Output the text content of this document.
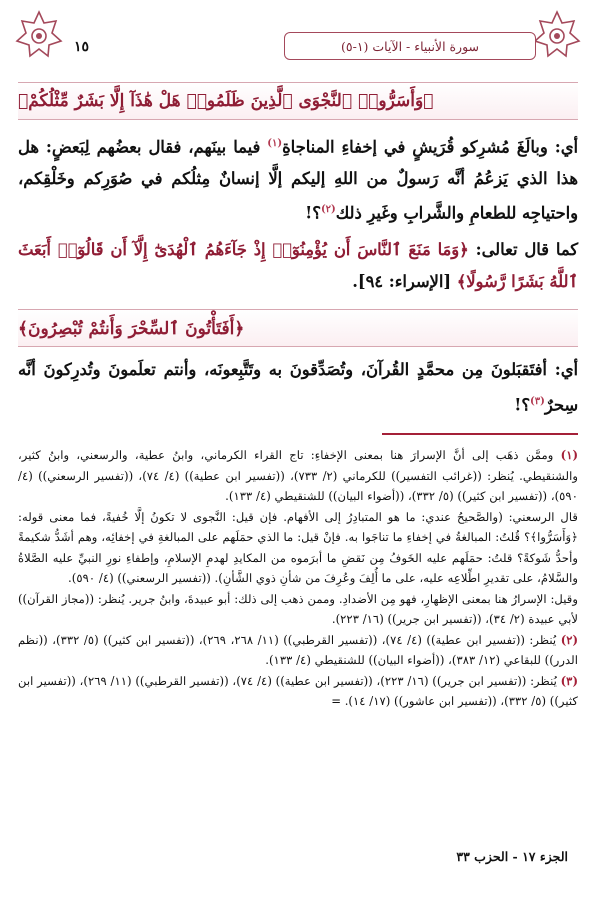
سورة الأنبياء - الآيات (١-٥)
١٥
﴿وَأَسَرُّوا۟ ٱلنَّجْوَى ٱلَّذِينَ ظَلَمُوا۟ هَلْ هَٰذَآ إِلَّا بَشَرٌ مِّثْلُكُمْ﴾
أي: وبالَغَ مُشرِكو قُرَيشٍ في إخفاءِ المناجاةِ$^{(١)}$ فيما بينَهم، فقال بعضُهم لِبَعضٍ: هل هذا الذي يَزعُمُ أنَّه رَسولٌ من اللهِ إليكم إلَّا إنسانٌ مِثلُكم في صُوَرِكم وخَلْقِكم، واحتياجِه للطعامِ والشَّرابِ وغَيرِ ذلك$^{(٢)}$؟!
كما قال تعالى: ﴿وَمَا مَنَعَ ٱلنَّاسَ أَن يُؤْمِنُوٓا۟ إِذْ جَآءَهُمُ ٱلْهُدَىٰٓ إِلَّآ أَن قَالُوٓا۟ أَبَعَثَ ٱللَّهُ بَشَرًا رَّسُولًا﴾ [الإسراء: ٩٤].
﴿أَفَتَأْتُونَ ٱلسِّحْرَ وَأَنتُمْ تُبْصِرُونَ﴾
أي: أفتَقبَلونَ مِن محمَّدٍ القُرآنَ، وتُصَدِّقونَ به وتَتَّبِعونَه، وأنتم تعلَمونَ وتُدرِكونَ أنَّه سِحرٌ$^{(٣)}$؟!
(١) وممَّن ذهَب إلى أنَّ الإسرارَ هنا بمعنى الإخفاءِ: تاج القراء الكرماني، وابنُ عطية، والرسعني، وابنُ كثير، والشنقيطي. يُنظر: ((غرائب التفسير)) للكرماني (٢/ ٧٣٣)، ((تفسير ابن عطية)) (٤/ ٧٤)، ((تفسير الرسعني)) (٤/ ٥٩٠)، ((تفسير ابن كثير)) (٥/ ٣٣٢)، ((أضواء البيان)) للشنقيطي (٤/ ١٣٣).
قال الرسعني: (والصَّحيحُ عندي: ما هو المتبادِرُ إلى الأفهام. فإن قيل: النَّجوى لا تكونُ إلَّا خُفيةً، فما معنى قوله: ﴿وَأَسَرُّوا﴾؟ قُلتُ: المبالغةُ في إخفاءِ ما تناجَوا به. فإنْ قيل: ما الذي حمَلَهم على المبالغةِ في إخفائِه، وهم أشَدُّ شكيمةً وأحدُّ شَوكةً؟ قلتُ: حمَلَهم عليه الخَوفُ مِن نَقضِ ما أبرَموه من المكايدِ لهدمِ الإسلامِ، وإطفاءِ نورِ النبيِّ عليه الصَّلاةُ والسَّلامُ، على تقديرِ اطِّلاعِه عليه، على ما أُلِفَ وعُرِفَ من شأنِ ذوي الشَّأنِ). ((تفسير الرسعني)) (٤/ ٥٩٠).
وقيل: الإسرارُ هنا بمعنى الإظهارِ، فهو مِن الأضدادِ. وممن ذهب إلى ذلك: أبو عبيدةَ، وابنُ جرير. يُنظر: ((مجاز القرآن)) لأبي عبيدة (٢/ ٣٤)، ((تفسير ابن جرير)) (١٦/ ٢٢٣).
(٢) يُنظر: ((تفسير ابن عطية)) (٤/ ٧٤)، ((تفسير القرطبي)) (١١/ ٢٦٨، ٢٦٩)، ((تفسير ابن كثير)) (٥/ ٣٣٢)، ((نظم الدرر)) للبقاعي (١٢/ ٣٨٣)، ((أضواء البيان)) للشنقيطي (٤/ ١٣٣).
(٣) يُنظر: ((تفسير ابن جرير)) (١٦/ ٢٢٣)، ((تفسير ابن عطية)) (٤/ ٧٤)، ((تفسير القرطبي)) (١١/ ٢٦٩)، ((تفسير ابن كثير)) (٥/ ٣٣٢)، ((تفسير ابن عاشور)) (١٧/ ١٤). =
الجزء ١٧ - الحزب ٣٣
